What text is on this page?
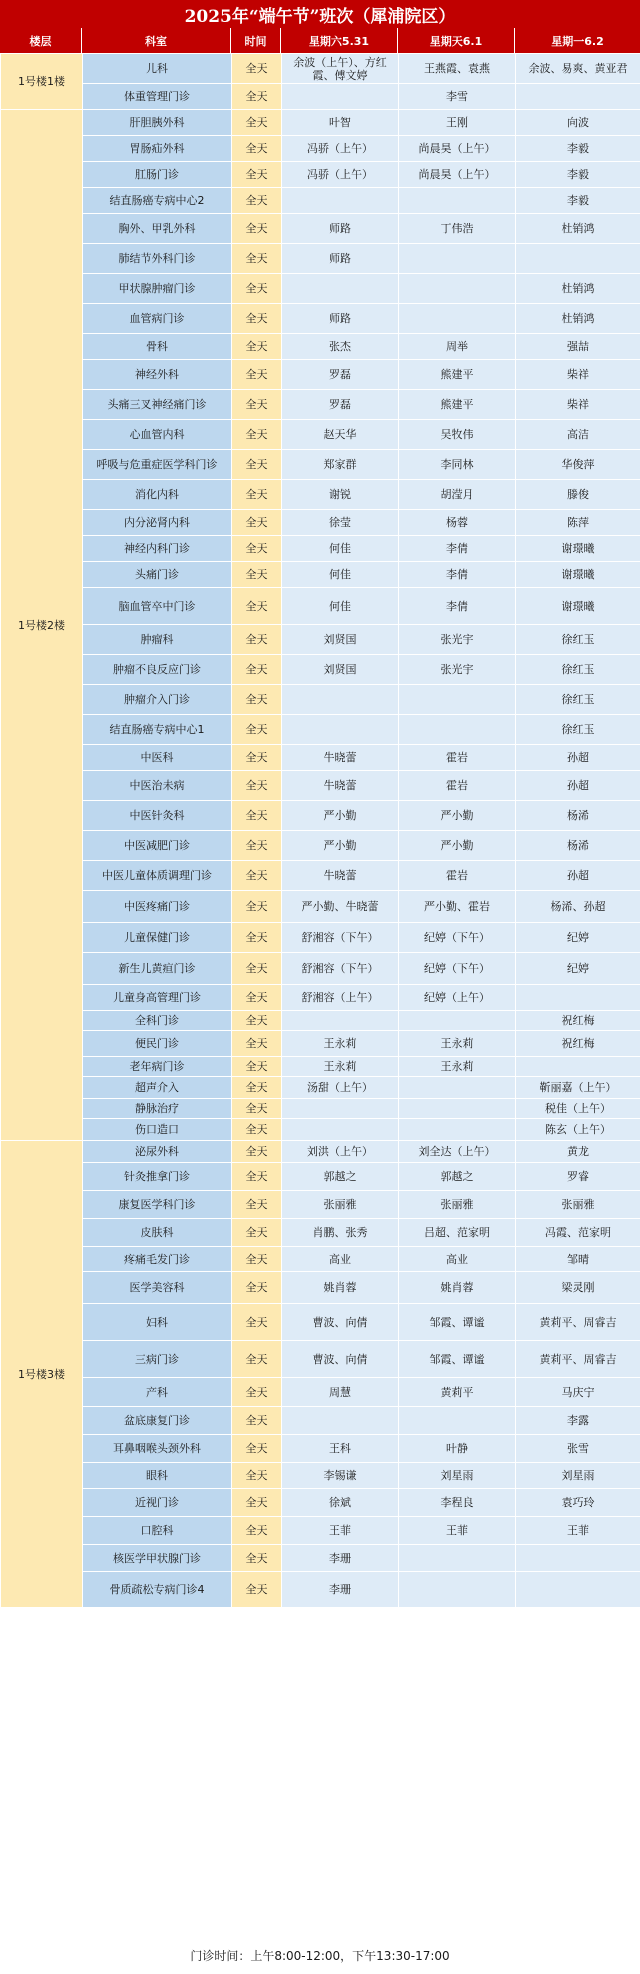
2025年“端午节”班次（犀浦院区）
楼层	科室	时间	星期六5.31	星期天6.1	星期一6.2
1号楼1楼	儿科	全天	余波（上午）、方红霞、傅文婷	王燕霞、袁燕	余波、易爽、黄亚君
	体重管理门诊	全天		李雪	
1号楼2楼	肝胆胰外科	全天	叶智	王刚	向波
	胃肠疝外科	全天	冯骄（上午）	尚晨昊（上午）	李毅
	肛肠门诊	全天	冯骄（上午）	尚晨昊（上午）	李毅
	结直肠癌专病中心2	全天			李毅
	胸外、甲乳外科	全天	师路	丁伟浩	杜销鸿
	肺结节外科门诊	全天	师路		
	甲状腺肿瘤门诊	全天			杜销鸿
	血管病门诊	全天	师路		杜销鸿
	骨科	全天	张杰	周举	强喆
	神经外科	全天	罗磊	熊建平	柴祥
	头痛三叉神经痛门诊	全天	罗磊	熊建平	柴祥
	心血管内科	全天	赵天华	吴牧伟	高洁
	呼吸与危重症医学科门诊	全天	郑家群	李同林	华俊萍
	消化内科	全天	谢锐	胡滢月	滕俊
	内分泌肾内科	全天	徐莹	杨蓉	陈萍
	神经内科门诊	全天	何佳	李倩	谢璟曦
	头痛门诊	全天	何佳	李倩	谢璟曦
	脑血管卒中门诊	全天	何佳	李倩	谢璟曦
	肿瘤科	全天	刘贤国	张光宇	徐红玉
	肿瘤不良反应门诊	全天	刘贤国	张光宇	徐红玉
	肿瘤介入门诊	全天			徐红玉
	结直肠癌专病中心1	全天			徐红玉
	中医科	全天	牛晓蕾	霍岩	孙超
	中医治未病	全天	牛晓蕾	霍岩	孙超
	中医针灸科	全天	严小勤	严小勤	杨浠
	中医减肥门诊	全天	严小勤	严小勤	杨浠
	中医儿童体质调理门诊	全天	牛晓蕾	霍岩	孙超
	中医疼痛门诊	全天	严小勤、牛晓蕾	严小勤、霍岩	杨浠、孙超
	儿童保健门诊	全天	舒湘容（下午）	纪婷（下午）	纪婷
	新生儿黄疸门诊	全天	舒湘容（下午）	纪婷（下午）	纪婷
	儿童身高管理门诊	全天	舒湘容（上午）	纪婷（上午）	
	全科门诊	全天			祝红梅
	便民门诊	全天	王永莉	王永莉	祝红梅
	老年病门诊	全天	王永莉	王永莉	
	超声介入	全天	汤甜（上午）		靳丽嘉（上午）
	静脉治疗	全天			税佳（上午）
	伤口造口	全天			陈玄（上午）
1号楼3楼	泌尿外科	全天	刘洪（上午）	刘全达（上午）	黄龙
	针灸推拿门诊	全天	郭越之	郭越之	罗睿
	康复医学科门诊	全天	张丽雅	张丽雅	张丽雅
	皮肤科	全天	肖鹏、张秀	吕超、范家明	冯霞、范家明
	疼痛毛发门诊	全天	高业	高业	邹晴
	医学美容科	全天	姚肖蓉	姚肖蓉	梁灵刚
	妇科	全天	曹波、向倩	邹霞、谭谧	黄莉平、周睿吉
	三病门诊	全天	曹波、向倩	邹霞、谭谧	黄莉平、周睿吉
	产科	全天	周慧	黄莉平	马庆宁
	盆底康复门诊	全天			李露
	耳鼻咽喉头颈外科	全天	王科	叶静	张雪
	眼科	全天	李锡谦	刘星雨	刘星雨
	近视门诊	全天	徐斌	李程良	袁巧玲
	口腔科	全天	王菲	王菲	王菲
	核医学甲状腺门诊	全天	李珊		
	骨质疏松专病门诊4	全天	李珊		
门诊时间：上午8:00-12:00，下午13:30-17:00
